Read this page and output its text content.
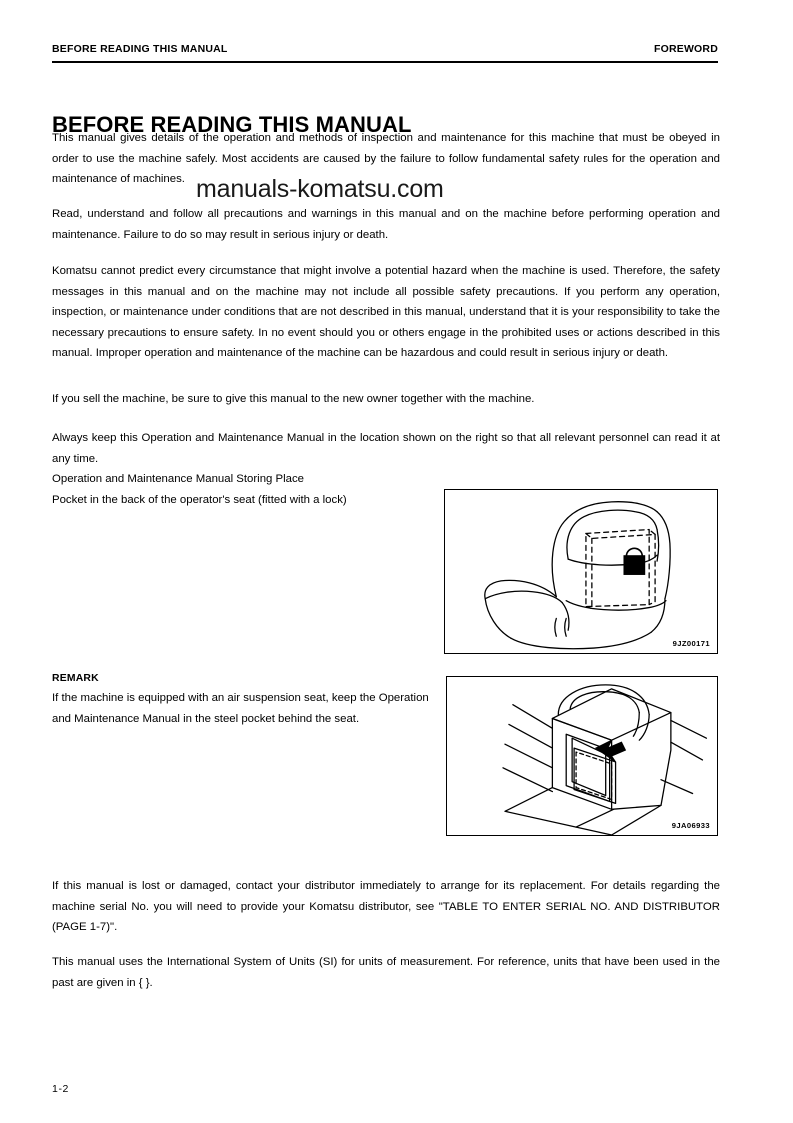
BEFORE READING THIS MANUAL	FOREWORD
BEFORE READING THIS MANUAL

This manual gives details of the operation and methods of inspection and maintenance for this machine that must be obeyed in order to use the machine safely. Most accidents are caused by the failure to follow fundamental safety rules for the operation and maintenance of machines. manuals-komatsu.com

Read, understand and follow all precautions and warnings in this manual and on the machine before performing operation and maintenance. Failure to do so may result in serious injury or death.

Komatsu cannot predict every circumstance that might involve a potential hazard when the machine is used. Therefore, the safety messages in this manual and on the machine may not include all possible safety precautions. If you perform any operation, inspection, or maintenance under conditions that are not described in this manual, understand that it is your responsibility to take the necessary precautions to ensure safety. In no event should you or others engage in the prohibited uses or actions described in this manual. Improper operation and maintenance of the machine can be hazardous and could result in serious injury or death.

If you sell the machine, be sure to give this manual to the new owner together with the machine.

Always keep this Operation and Maintenance Manual in the location shown on the right so that all relevant personnel can read it at any time.

Operation and Maintenance Manual Storing Place

Pocket in the back of the operator's seat (fitted with a lock)

9JZ00171
9JA06933
REMARK
If the machine is equipped with an air suspension seat, keep the Operation and Maintenance Manual in the steel pocket behind the seat.

If this manual is lost or damaged, contact your distributor immediately to arrange for its replacement. For details regarding the machine serial No. you will need to provide your Komatsu distributor, see "TABLE TO ENTER SERIAL NO. AND DISTRIBUTOR (PAGE 1-7)".

This manual uses the International System of Units (SI) for units of measurement. For reference, units that have been used in the past are given in { }.

1-2
